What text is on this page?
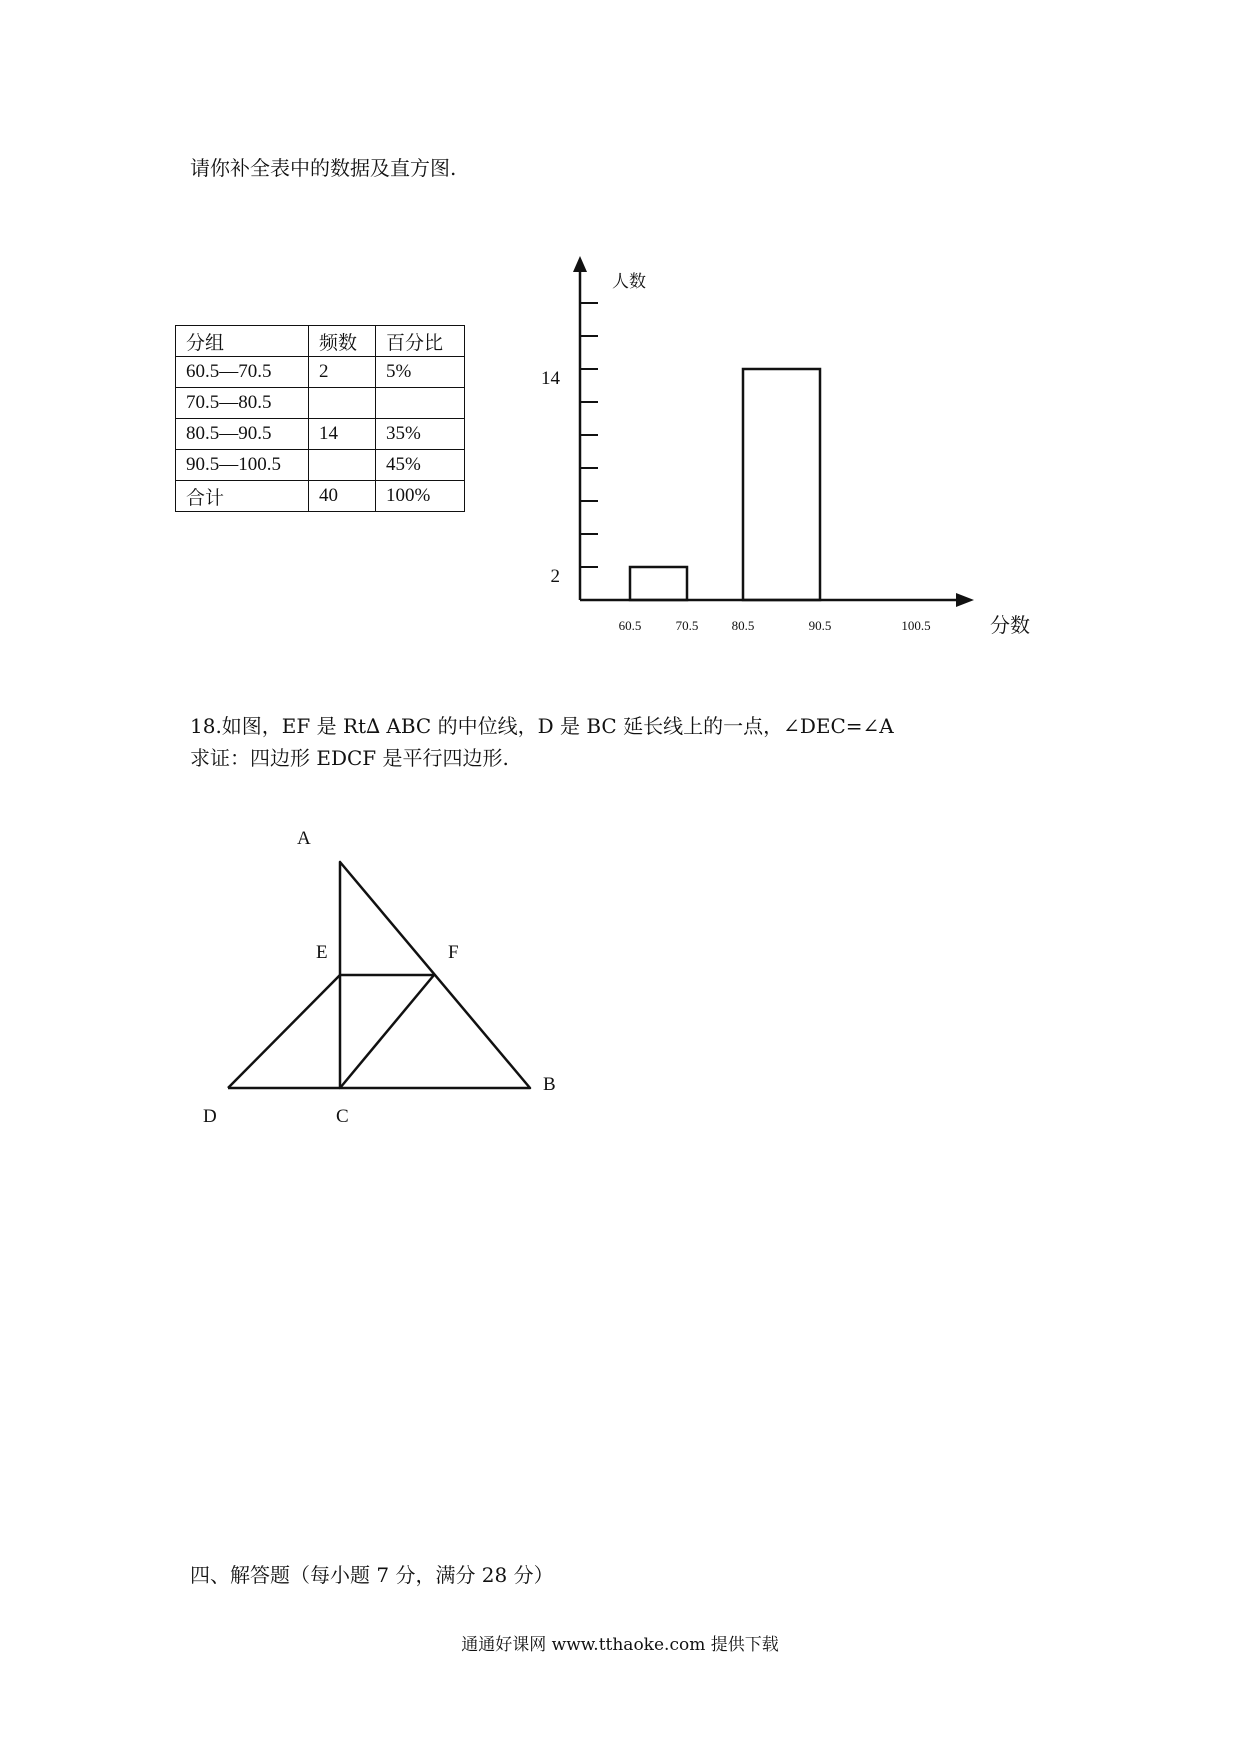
请你补全表中的数据及直方图.
分组	频数	百分比
60.5—70.5	2	5%
70.5—80.5		
80.5—90.5	14	35%
90.5—100.5		45%
合计	40	100%
60.5	70.5	80.5	90.5	100.5
2
14
人数
分数
18.如图，EF 是 Rt∆ ABC 的中位线，D 是 BC 延长线上的一点，∠DEC=∠A
求证：四边形 EDCF 是平行四边形.
A
E	F
B
C
D
四、解答题（每小题 7 分，满分 28 分）
通通好课网 www.tthaoke.com 提供下载
